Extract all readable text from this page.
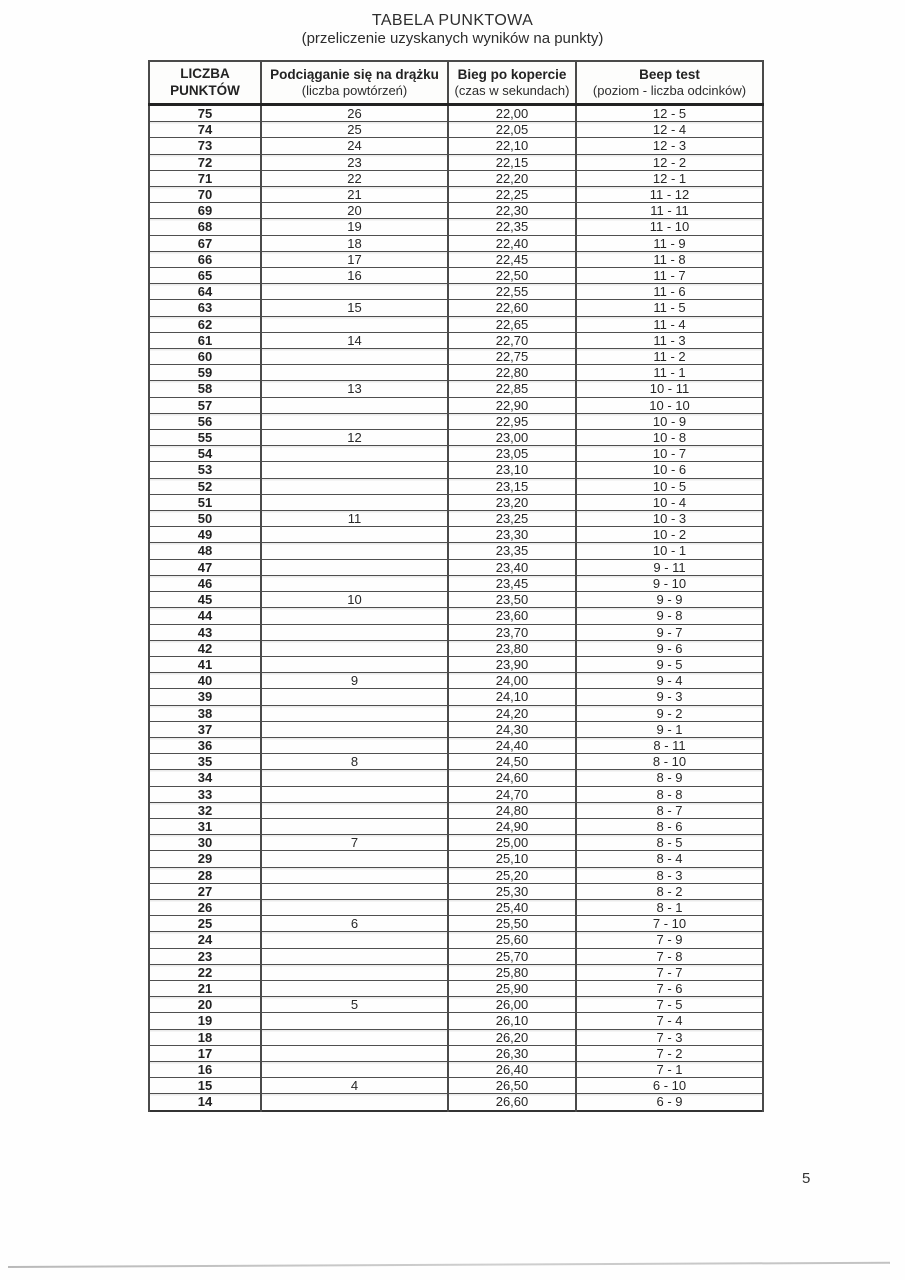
TABELA PUNKTOWA
(przeliczenie uzyskanych wyników na punkty)
LICZBA
PUNKTÓW

Podciąganie się na drążku
(liczba powtórzeń)

Bieg po kopercie
(czas w sekundach)

Beep test
(poziom - liczba odcinków)

75	26	22,00	12 - 5
74	25	22,05	12 - 4
73	24	22,10	12 - 3
72	23	22,15	12 - 2
71	22	22,20	12 - 1
70	21	22,25	11 - 12
69	20	22,30	11 - 11
68	19	22,35	11 - 10
67	18	22,40	11 - 9
66	17	22,45	11 - 8
65	16	22,50	11 - 7
64		22,55	11 - 6
63	15	22,60	11 - 5
62		22,65	11 - 4
61	14	22,70	11 - 3
60		22,75	11 - 2
59		22,80	11 - 1
58	13	22,85	10 - 11
57		22,90	10 - 10
56		22,95	10 - 9
55	12	23,00	10 - 8
54		23,05	10 - 7
53		23,10	10 - 6
52		23,15	10 - 5
51		23,20	10 - 4
50	11	23,25	10 - 3
49		23,30	10 - 2
48		23,35	10 - 1
47		23,40	9 - 11
46		23,45	9 - 10
45	10	23,50	9 - 9
44		23,60	9 - 8
43		23,70	9 - 7
42		23,80	9 - 6
41		23,90	9 - 5
40	9	24,00	9 - 4
39		24,10	9 - 3
38		24,20	9 - 2
37		24,30	9 - 1
36		24,40	8 - 11
35	8	24,50	8 - 10
34		24,60	8 - 9
33		24,70	8 - 8
32		24,80	8 - 7
31		24,90	8 - 6
30	7	25,00	8 - 5
29		25,10	8 - 4
28		25,20	8 - 3
27		25,30	8 - 2
26		25,40	8 - 1
25	6	25,50	7 - 10
24		25,60	7 - 9
23		25,70	7 - 8
22		25,80	7 - 7
21		25,90	7 - 6
20	5	26,00	7 - 5
19		26,10	7 - 4
18		26,20	7 - 3
17		26,30	7 - 2
16		26,40	7 - 1
15	4	26,50	6 - 10
14		26,60	6 - 9
5
